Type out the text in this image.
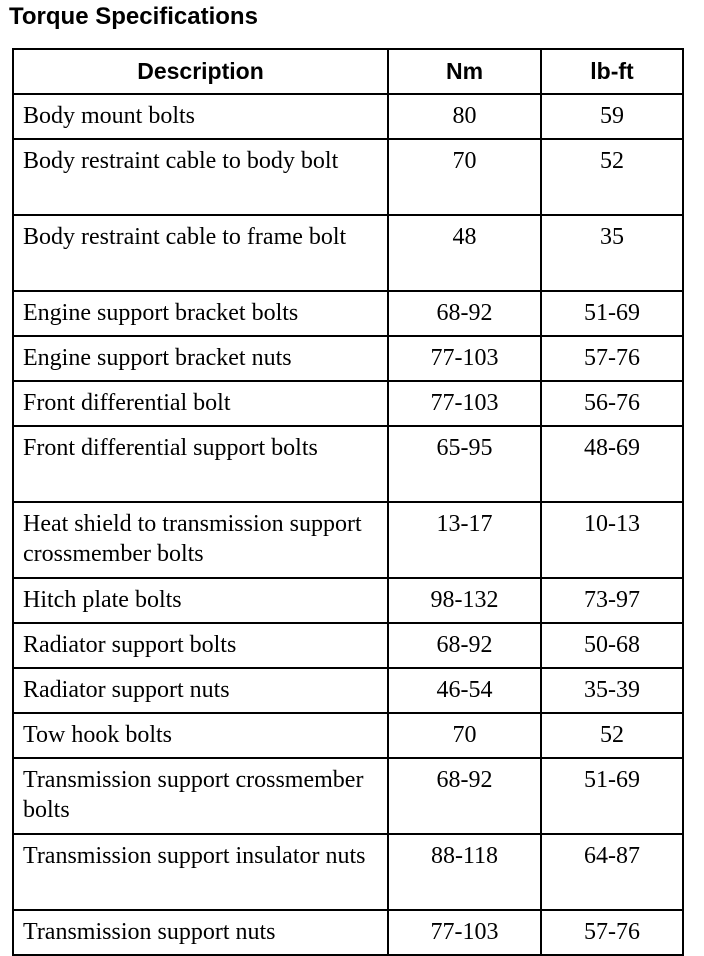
Torque Specifications
Description	Nm	lb-ft
Body mount bolts	80	59
Body restraint cable to body bolt	70	52
Body restraint cable to frame bolt	48	35
Engine support bracket bolts	68-92	51-69
Engine support bracket nuts	77-103	57-76
Front differential bolt	77-103	56-76
Front differential support bolts	65-95	48-69
Heat shield to transmission support crossmember bolts	13-17	10-13
Hitch plate bolts	98-132	73-97
Radiator support bolts	68-92	50-68
Radiator support nuts	46-54	35-39
Tow hook bolts	70	52
Transmission support crossmember bolts	68-92	51-69
Transmission support insulator nuts	88-118	64-87
Transmission support nuts	77-103	57-76
